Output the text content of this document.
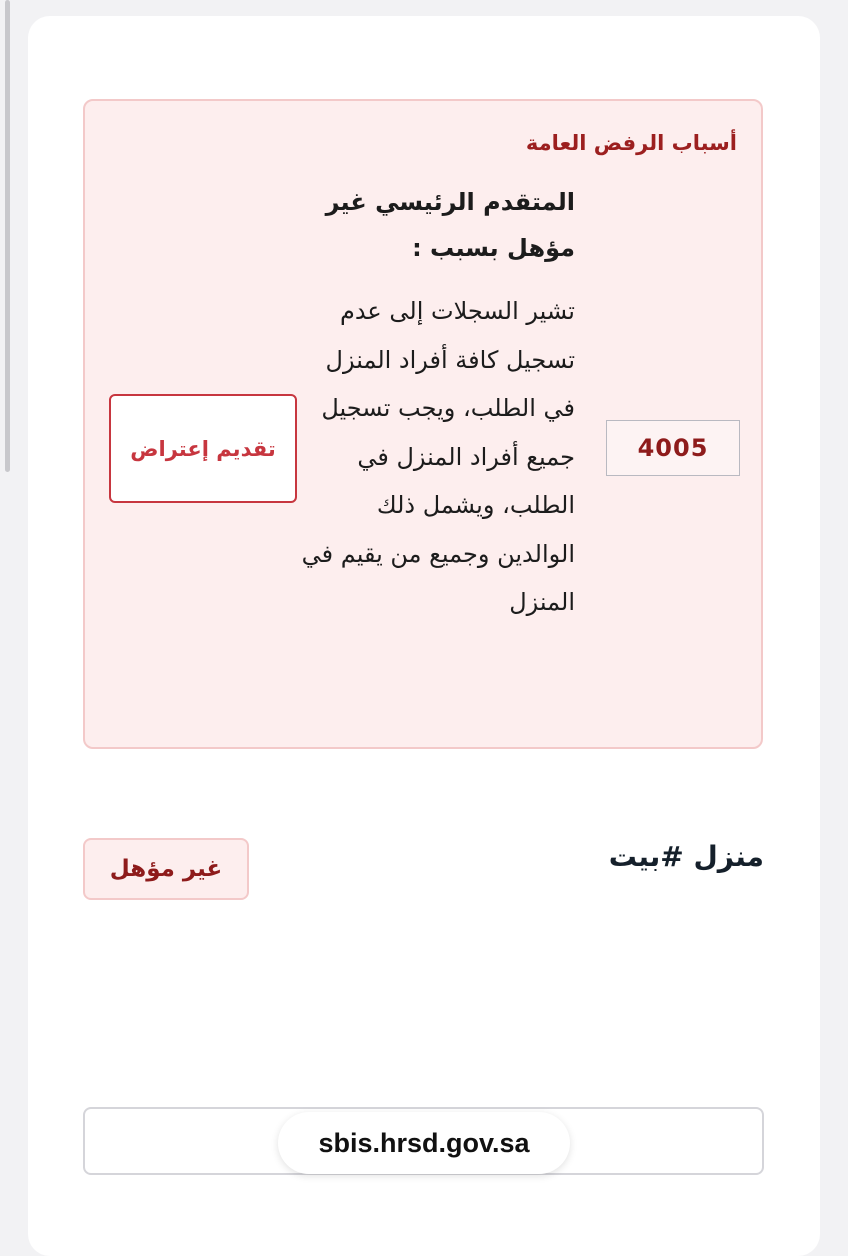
أسباب الرفض العامة

المتقدم الرئيسي غير مؤهل بسبب :

تشير السجلات إلى عدم تسجيل كافة أفراد المنزل في الطلب، ويجب تسجيل جميع أفراد المنزل في الطلب، ويشمل ذلك الوالدين وجميع من يقيم في المنزل

4005
تقديم إعتراض
منزل #بيت
غير مؤهل
sbis.hrsd.gov.sa
